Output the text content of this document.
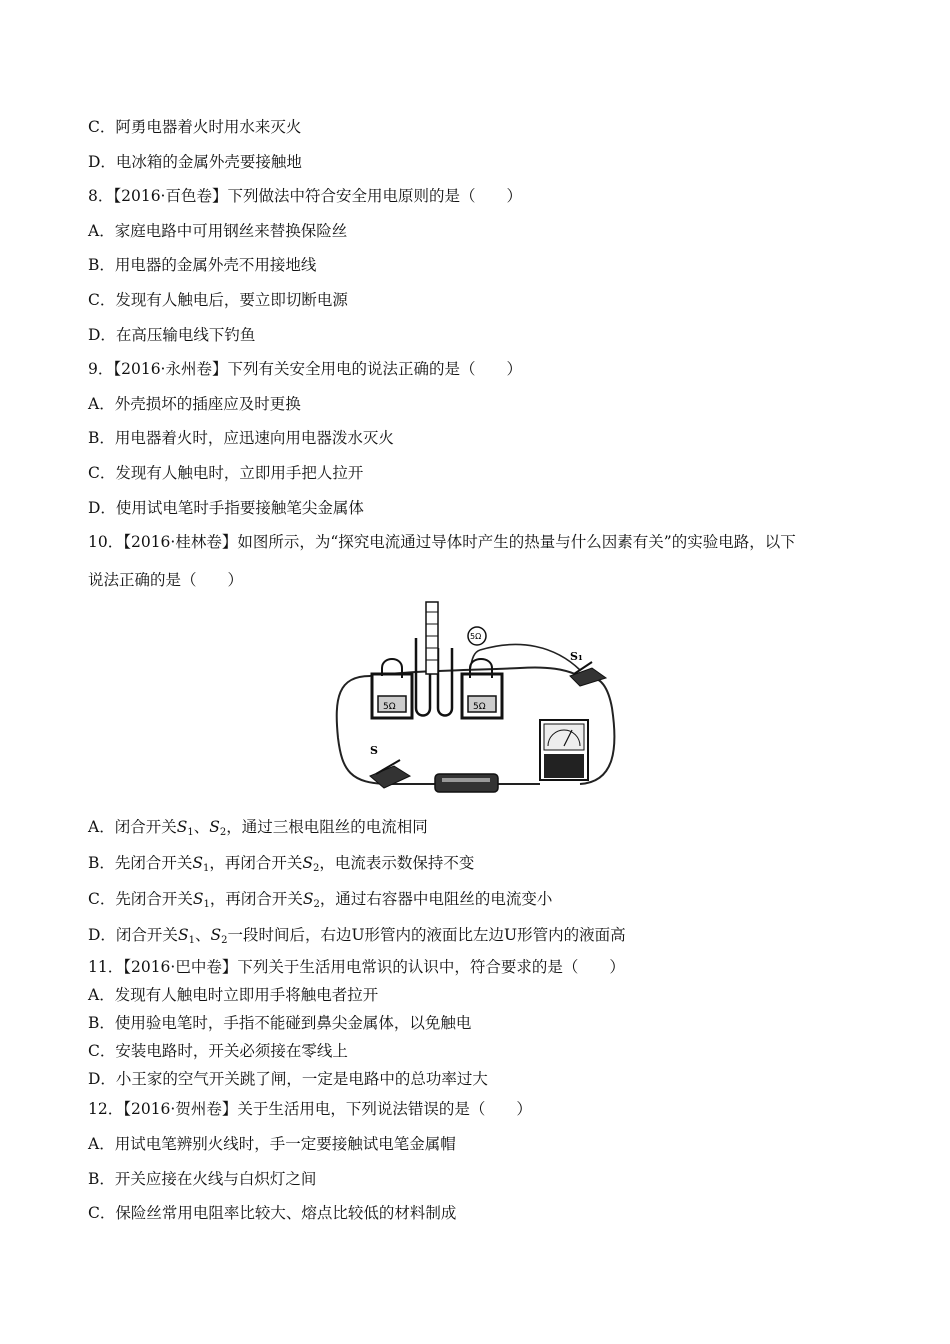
C．阿勇电器着火时用水来灭火
D．电冰箱的金属外壳要接触地
8．【2016·百色卷】下列做法中符合安全用电原则的是（　　）
A．家庭电路中可用钢丝来替换保险丝
B．用电器的金属外壳不用接地线
C．发现有人触电后，要立即切断电源
D．在高压输电线下钓鱼
9．【2016·永州卷】下列有关安全用电的说法正确的是（　　）
A．外壳损坏的插座应及时更换
B．用电器着火时，应迅速向用电器泼水灭火
C．发现有人触电时，立即用手把人拉开
D．使用试电笔时手指要接触笔尖金属体
10．【2016·桂林卷】如图所示，为“探究电流通过导体时产生的热量与什么因素有关”的实验电路，以下
说法正确的是（　　）
5Ω	5Ω
5Ω
S₁
S
A．闭合开关$S_1$、$S_2$，通过三根电阻丝的电流相同
B．先闭合开关$S_1$，再闭合开关$S_2$，电流表示数保持不变
C．先闭合开关$S_1$，再闭合开关$S_2$，通过右容器中电阻丝的电流变小
D．闭合开关$S_1$、$S_2$一段时间后，右边U形管内的液面比左边U形管内的液面高
11．【2016·巴中卷】下列关于生活用电常识的认识中，符合要求的是（　　）
A．发现有人触电时立即用手将触电者拉开
B．使用验电笔时，手指不能碰到鼻尖金属体，以免触电
C．安装电路时，开关必须接在零线上
D．小王家的空气开关跳了闸，一定是电路中的总功率过大
12．【2016·贺州卷】关于生活用电，下列说法错误的是（　　）
A．用试电笔辨别火线时，手一定要接触试电笔金属帽
B．开关应接在火线与白炽灯之间
C．保险丝常用电阻率比较大、熔点比较低的材料制成
